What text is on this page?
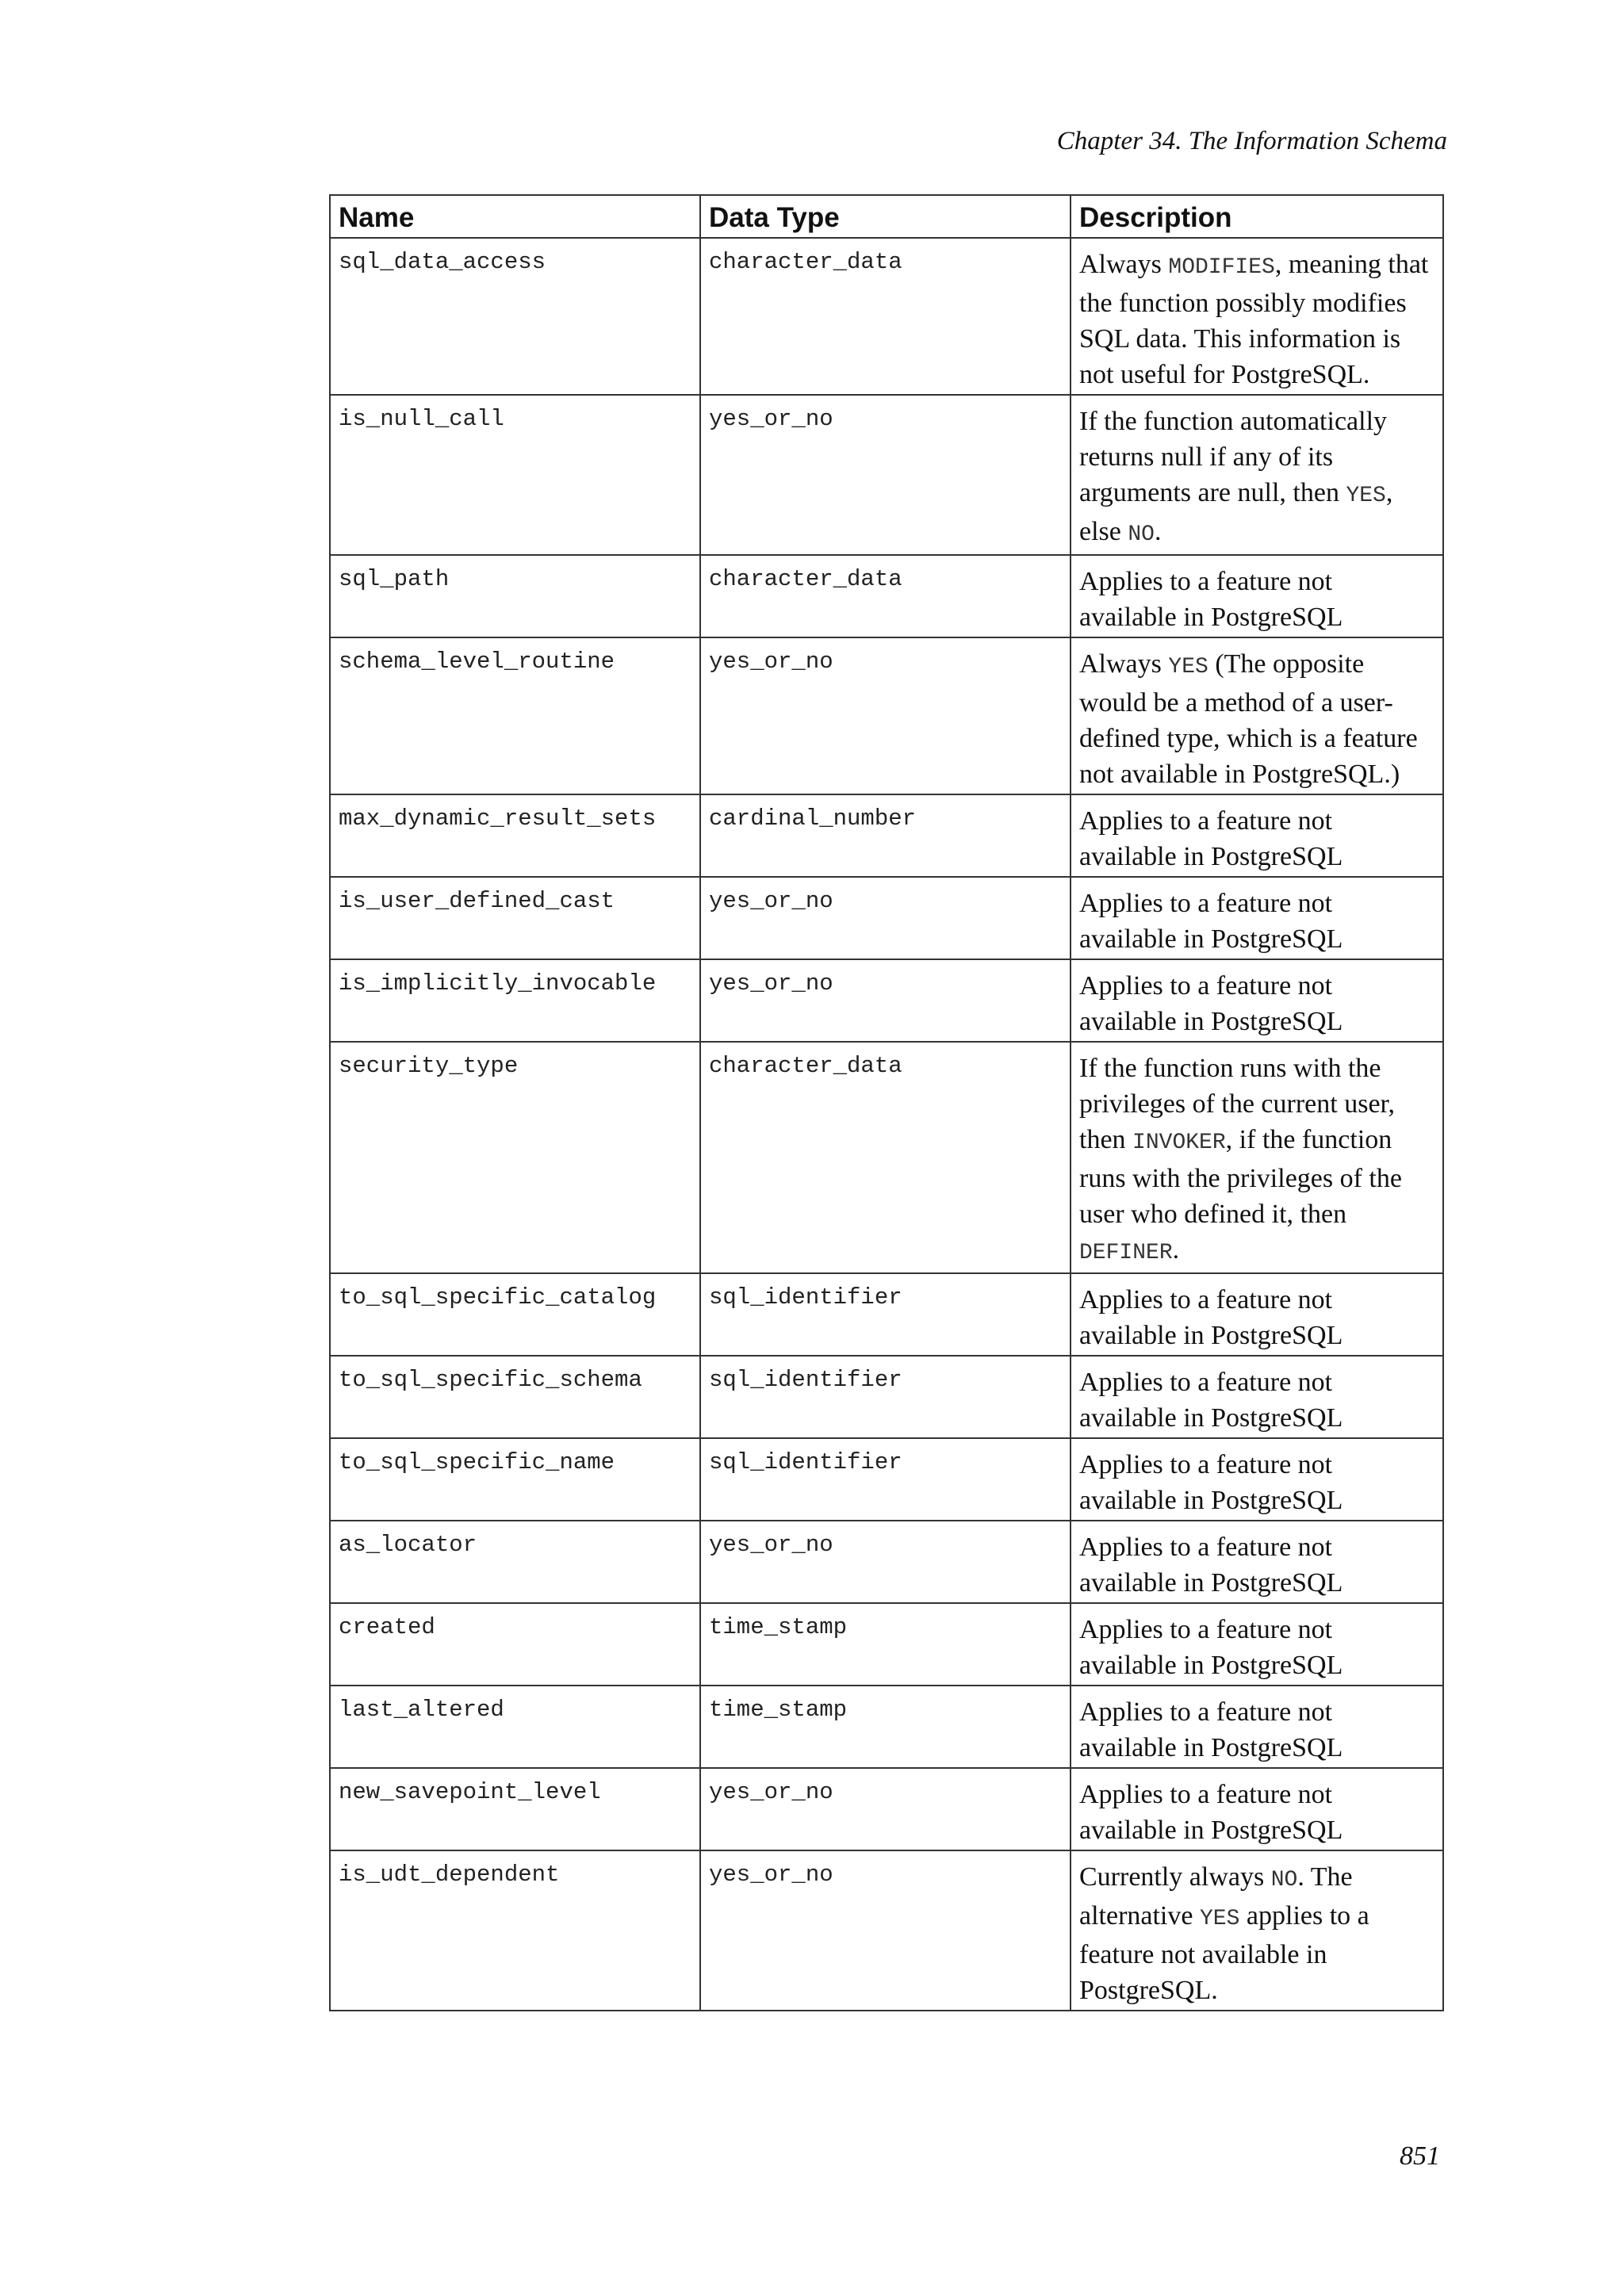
Chapter 34. The Information Schema
Name	Data Type	Description
sql_data_access	character_data	Always MODIFIES, meaning that the function possibly modifies SQL data. This information is not useful for PostgreSQL.
is_null_call	yes_or_no	If the function automatically returns null if any of its arguments are null, then YES, else NO.
sql_path	character_data	Applies to a feature not available in PostgreSQL
schema_level_routine	yes_or_no	Always YES (The opposite would be a method of a user-defined type, which is a feature not available in PostgreSQL.)
max_dynamic_result_sets	cardinal_number	Applies to a feature not available in PostgreSQL
is_user_defined_cast	yes_or_no	Applies to a feature not available in PostgreSQL
is_implicitly_invocable	yes_or_no	Applies to a feature not available in PostgreSQL
security_type	character_data	If the function runs with the privileges of the current user, then INVOKER, if the function runs with the privileges of the user who defined it, then DEFINER.
to_sql_specific_catalog	sql_identifier	Applies to a feature not available in PostgreSQL
to_sql_specific_schema	sql_identifier	Applies to a feature not available in PostgreSQL
to_sql_specific_name	sql_identifier	Applies to a feature not available in PostgreSQL
as_locator	yes_or_no	Applies to a feature not available in PostgreSQL
created	time_stamp	Applies to a feature not available in PostgreSQL
last_altered	time_stamp	Applies to a feature not available in PostgreSQL
new_savepoint_level	yes_or_no	Applies to a feature not available in PostgreSQL
is_udt_dependent	yes_or_no	Currently always NO. The alternative YES applies to a feature not available in PostgreSQL.
851
